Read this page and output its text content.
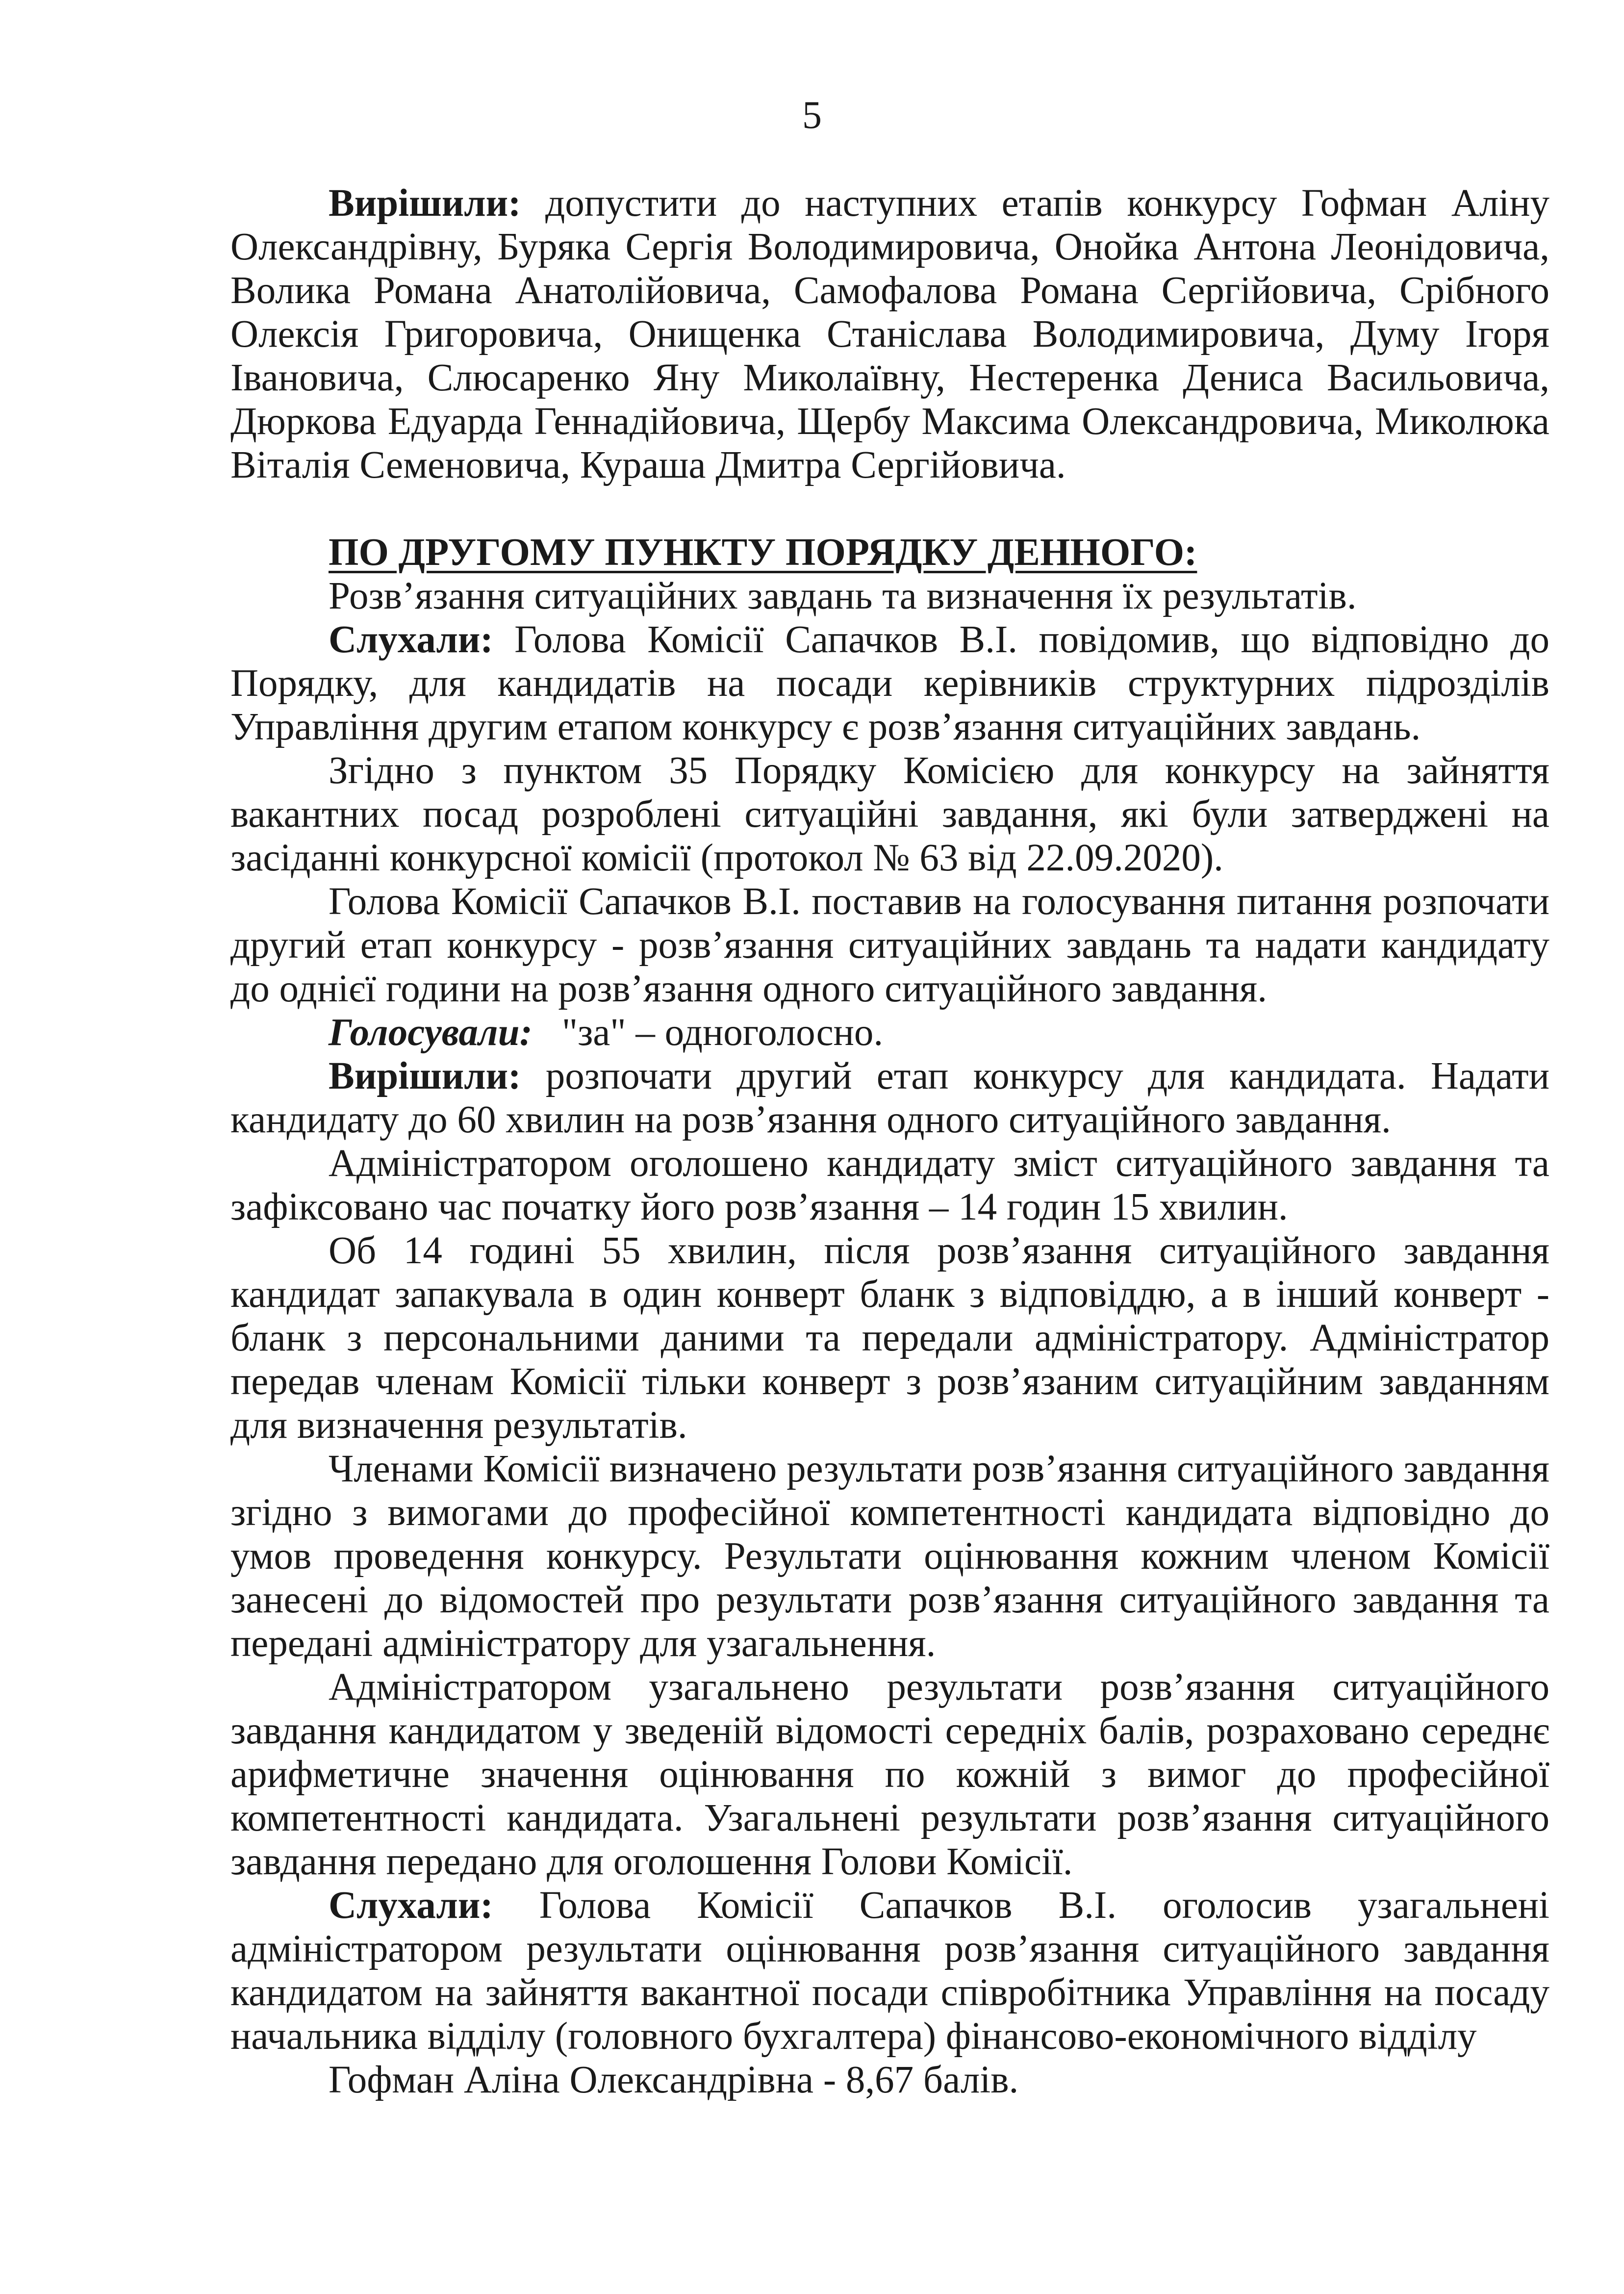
5

Вирішили: допустити до наступних етапів конкурсу Гофман Аліну Олександрівну, Буряка Сергія Володимировича, Онойка Антона Леонідовича, Волика Романа Анатолійовича, Самофалова Романа Сергійовича, Срібного Олексія Григоровича, Онищенка Станіслава Володимировича, Думу Ігоря Івановича, Слюсаренко Яну Миколаївну, Нестеренка Дениса Васильовича, Дюркова Едуарда Геннадійовича, Щербу Максима Олександровича, Миколюка Віталія Семеновича, Кураша Дмитра Сергійовича.

ПО ДРУГОМУ ПУНКТУ ПОРЯДКУ ДЕННОГО:

Розв’язання ситуаційних завдань та визначення їх результатів.

Слухали: Голова Комісії Сапачков В.І. повідомив, що відповідно до Порядку, для кандидатів на посади керівників структурних підрозділів Управління другим етапом конкурсу є розв’язання ситуаційних завдань.

Згідно з пунктом 35 Порядку Комісією для конкурсу на зайняття вакантних посад розроблені ситуаційні завдання, які були затверджені на засіданні конкурсної комісії (протокол № 63 від 22.09.2020).

Голова Комісії Сапачков В.І. поставив на голосування питання розпочати другий етап конкурсу - розв’язання ситуаційних завдань та надати кандидату до однієї години на розв’язання одного ситуаційного завдання.

Голосували: "за" – одноголосно.

Вирішили: розпочати другий етап конкурсу для кандидата. Надати кандидату до 60 хвилин на розв’язання одного ситуаційного завдання.

Адміністратором оголошено кандидату зміст ситуаційного завдання та зафіксовано час початку його розв’язання – 14 годин 15 хвилин.

Об 14 годині 55 хвилин, після розв’язання ситуаційного завдання кандидат запакувала в один конверт бланк з відповіддю, а в інший конверт - бланк з персональними даними та передали адміністратору. Адміністратор передав членам Комісії тільки конверт з розв’язаним ситуаційним завданням для визначення результатів.

Членами Комісії визначено результати розв’язання ситуаційного завдання згідно з вимогами до професійної компетентності кандидата відповідно до умов проведення конкурсу. Результати оцінювання кожним членом Комісії занесені до відомостей про результати розв’язання ситуаційного завдання та передані адміністратору для узагальнення.

Адміністратором узагальнено результати розв’язання ситуаційного завдання кандидатом у зведеній відомості середніх балів, розраховано середнє арифметичне значення оцінювання по кожній з вимог до професійної компетентності кандидата. Узагальнені результати розв’язання ситуаційного завдання передано для оголошення Голови Комісії.

Слухали: Голова Комісії Сапачков В.І. оголосив узагальнені адміністратором результати оцінювання розв’язання ситуаційного завдання кандидатом на зайняття вакантної посади співробітника Управління на посаду начальника відділу (головного бухгалтера) фінансово-економічного відділу

Гофман Аліна Олександрівна - 8,67 балів.
